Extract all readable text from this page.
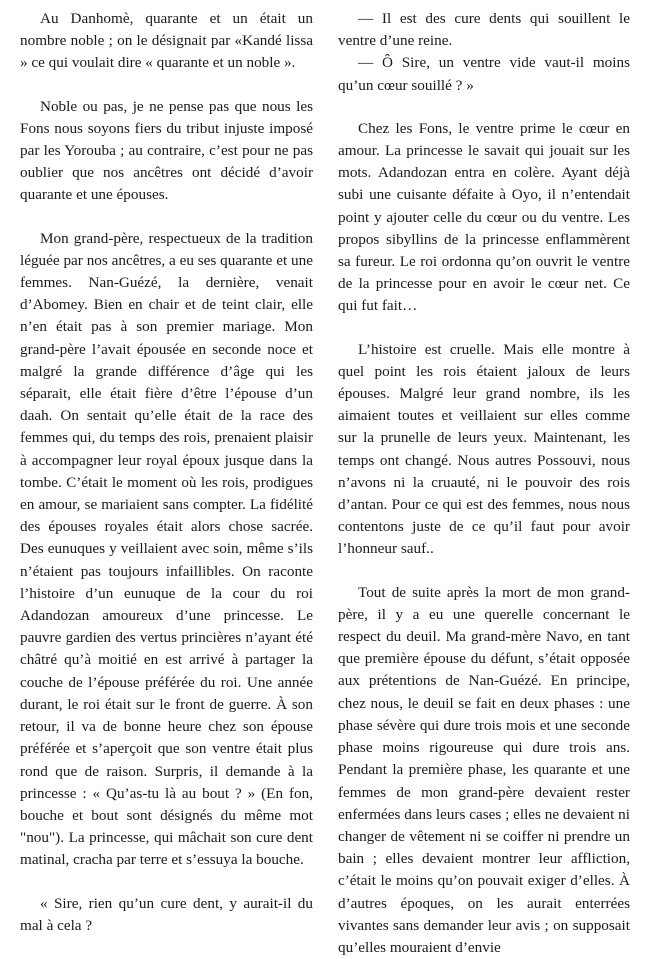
Au Danhomè, quarante et un était un nombre noble ; on le désignait par «Kandé lissa » ce qui voulait dire « quarante et un noble ».

Noble ou pas, je ne pense pas que nous les Fons nous soyons fiers du tribut injuste imposé par les Yorouba ; au contraire, c’est pour ne pas oublier que nos ancêtres ont décidé d’avoir quarante et une épouses.

Mon grand-père, respectueux de la tradition léguée par nos ancêtres, a eu ses quarante et une femmes. Nan-Guézé, la dernière, venait d’Abomey. Bien en chair et de teint clair, elle n’en était pas à son premier mariage. Mon grand-père l’avait épousée en seconde noce et malgré la grande différence d’âge qui les séparait, elle était fière d’être l’épouse d’un daah. On sentait qu’elle était de la race des femmes qui, du temps des rois, prenaient plaisir à accompagner leur royal époux jusque dans la tombe. C’était le moment où les rois, prodigues en amour, se mariaient sans compter. La fidélité des épouses royales était alors chose sacrée. Des eunuques y veillaient avec soin, même s’ils n’étaient pas toujours infaillibles. On raconte l’histoire d’un eunuque de la cour du roi Adandozan amoureux d’une princesse. Le pauvre gardien des vertus princières n’ayant été châtré qu’à moitié en est arrivé à partager la couche de l’épouse préférée du roi. Une année durant, le roi était sur le front de guerre. À son retour, il va de bonne heure chez son épouse préférée et s’aperçoit que son ventre était plus rond que de raison. Surpris, il demande à la princesse : « Qu’as-tu là au bout ? » (En fon, bouche et bout sont désignés du même mot "nou"). La princesse, qui mâchait son cure dent matinal, cracha par terre et s’essuya la bouche.

« Sire, rien qu’un cure dent, y aurait-il du mal à cela ?

— Il est des cure dents qui souillent le ventre d’une reine.

— Ô Sire, un ventre vide vaut-il moins qu’un cœur souillé ? »

Chez les Fons, le ventre prime le cœur en amour. La princesse le savait qui jouait sur les mots. Adandozan entra en colère. Ayant déjà subi une cuisante défaite à Oyo, il n’entendait point y ajouter celle du cœur ou du ventre. Les propos sibyllins de la princesse enflammèrent sa fureur. Le roi ordonna qu’on ouvrit le ventre de la princesse pour en avoir le cœur net. Ce qui fut fait…

L’histoire est cruelle. Mais elle montre à quel point les rois étaient jaloux de leurs épouses. Malgré leur grand nombre, ils les aimaient toutes et veillaient sur elles comme sur la prunelle de leurs yeux. Maintenant, les temps ont changé. Nous autres Possouvi, nous n’avons ni la cruauté, ni le pouvoir des rois d’antan. Pour ce qui est des femmes, nous nous contentons juste de ce qu’il faut pour avoir l’honneur sauf..

Tout de suite après la mort de mon grand-père, il y a eu une querelle concernant le respect du deuil. Ma grand-mère Navo, en tant que première épouse du défunt, s’était opposée aux prétentions de Nan-Guézé. En principe, chez nous, le deuil se fait en deux phases : une phase sévère qui dure trois mois et une seconde phase moins rigoureuse qui dure trois ans. Pendant la première phase, les quarante et une femmes de mon grand-père devaient rester enfermées dans leurs cases ; elles ne devaient ni changer de vêtement ni se coiffer ni prendre un bain ; elles devaient montrer leur affliction, c’était le moins qu’on pouvait exiger d’elles. À d’autres époques, on les aurait enterrées vivantes sans demander leur avis ; on supposait qu’elles mouraient d’envie
